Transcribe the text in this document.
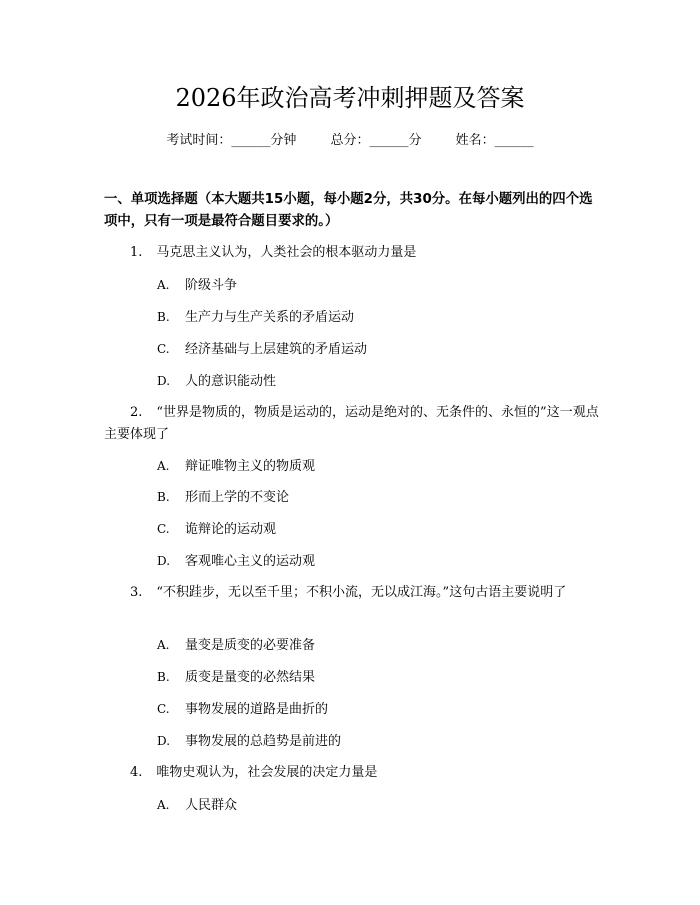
2026年政治高考冲刺押题及答案
考试时间：______分钟	总分：______分	姓名：______
一、单项选择题（本大题共15小题，每小题2分，共30分。在每小题列出的四个选项中，只有一项是最符合题目要求的。）
1. 马克思主义认为，人类社会的根本驱动力量是
A. 阶级斗争
B. 生产力与生产关系的矛盾运动
C. 经济基础与上层建筑的矛盾运动
D. 人的意识能动性
2. “世界是物质的，物质是运动的，运动是绝对的、无条件的、永恒的”这一观点主要体现了
A. 辩证唯物主义的物质观
B. 形而上学的不变论
C. 诡辩论的运动观
D. 客观唯心主义的运动观
3. “不积跬步，无以至千里；不积小流，无以成江海。”这句古语主要说明了
A. 量变是质变的必要准备
B. 质变是量变的必然结果
C. 事物发展的道路是曲折的
D. 事物发展的总趋势是前进的
4. 唯物史观认为，社会发展的决定力量是
A. 人民群众
